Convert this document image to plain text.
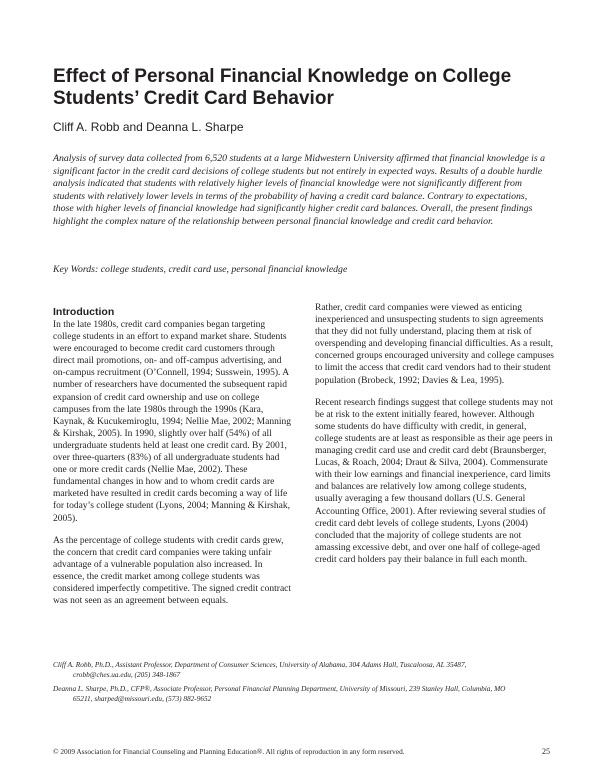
Effect of Personal Financial Knowledge on College
Students’ Credit Card Behavior

Cliff A. Robb and Deanna L. Sharpe

Analysis of survey data collected from 6,520 students at a large Midwestern University affirmed that financial knowledge is a significant factor in the credit card decisions of college students but not entirely in expected ways. Results of a double hurdle analysis indicated that students with relatively higher levels of financial knowledge were not significantly different from students with relatively lower levels in terms of the probability of having a credit card balance. Contrary to expectations, those with higher levels of financial knowledge had significantly higher credit card balances. Overall, the present findings highlight the complex nature of the relationship between personal financial knowledge and credit card behavior.

Key Words: college students, credit card use, personal financial knowledge

Introduction

In the late 1980s, credit card companies began targeting college students in an effort to expand market share. Students were encouraged to become credit card customers through direct mail promotions, on- and off-campus advertising, and on-campus recruitment (O’Connell, 1994; Susswein, 1995). A number of researchers have documented the subsequent rapid expansion of credit card ownership and use on college campuses from the late 1980s through the 1990s (Kara, Kaynak, & Kucukemiroglu, 1994; Nellie Mae, 2002; Manning & Kirshak, 2005). In 1990, slightly over half (54%) of all undergraduate students held at least one credit card. By 2001, over three-quarters (83%) of all undergraduate students had one or more credit cards (Nellie Mae, 2002). These fundamental changes in how and to whom credit cards are marketed have resulted in credit cards becoming a way of life for today’s college student (Lyons, 2004; Manning & Kirshak, 2005).

As the percentage of college students with credit cards grew, the concern that credit card companies were taking unfair advantage of a vulnerable population also increased. In essence, the credit market among college students was considered imperfectly competitive. The signed credit contract was not seen as an agreement between equals.

Rather, credit card companies were viewed as enticing inexperienced and unsuspecting students to sign agreements that they did not fully understand, placing them at risk of overspending and developing financial difficulties. As a result, concerned groups encouraged university and college campuses to limit the access that credit card vendors had to their student population (Brobeck, 1992; Davies & Lea, 1995).

Recent research findings suggest that college students may not be at risk to the extent initially feared, however. Although some students do have difficulty with credit, in general, college students are at least as responsible as their age peers in managing credit card use and credit card debt (Braunsberger, Lucas, & Roach, 2004; Draut & Silva, 2004). Commensurate with their low earnings and financial inexperience, card limits and balances are relatively low among college students, usually averaging a few thousand dollars (U.S. General Accounting Office, 2001). After reviewing several studies of credit card debt levels of college students, Lyons (2004) concluded that the majority of college students are not amassing excessive debt, and over one half of college-aged credit card holders pay their balance in full each month.

Cliff A. Robb, Ph.D., Assistant Professor, Department of Consumer Sciences, University of Alabama, 304 Adams Hall, Tuscaloosa, AL 35487,
crobb@ches.ua.edu, (205) 348-1867

Deanna L. Sharpe, Ph.D., CFP®, Associate Professor, Personal Financial Planning Department, University of Missouri, 239 Stanley Hall, Columbia, MO
65211, sharped@missouri.edu, (573) 882-9652

© 2009 Association for Financial Counseling and Planning Education®. All rights of reproduction in any form reserved.	25
